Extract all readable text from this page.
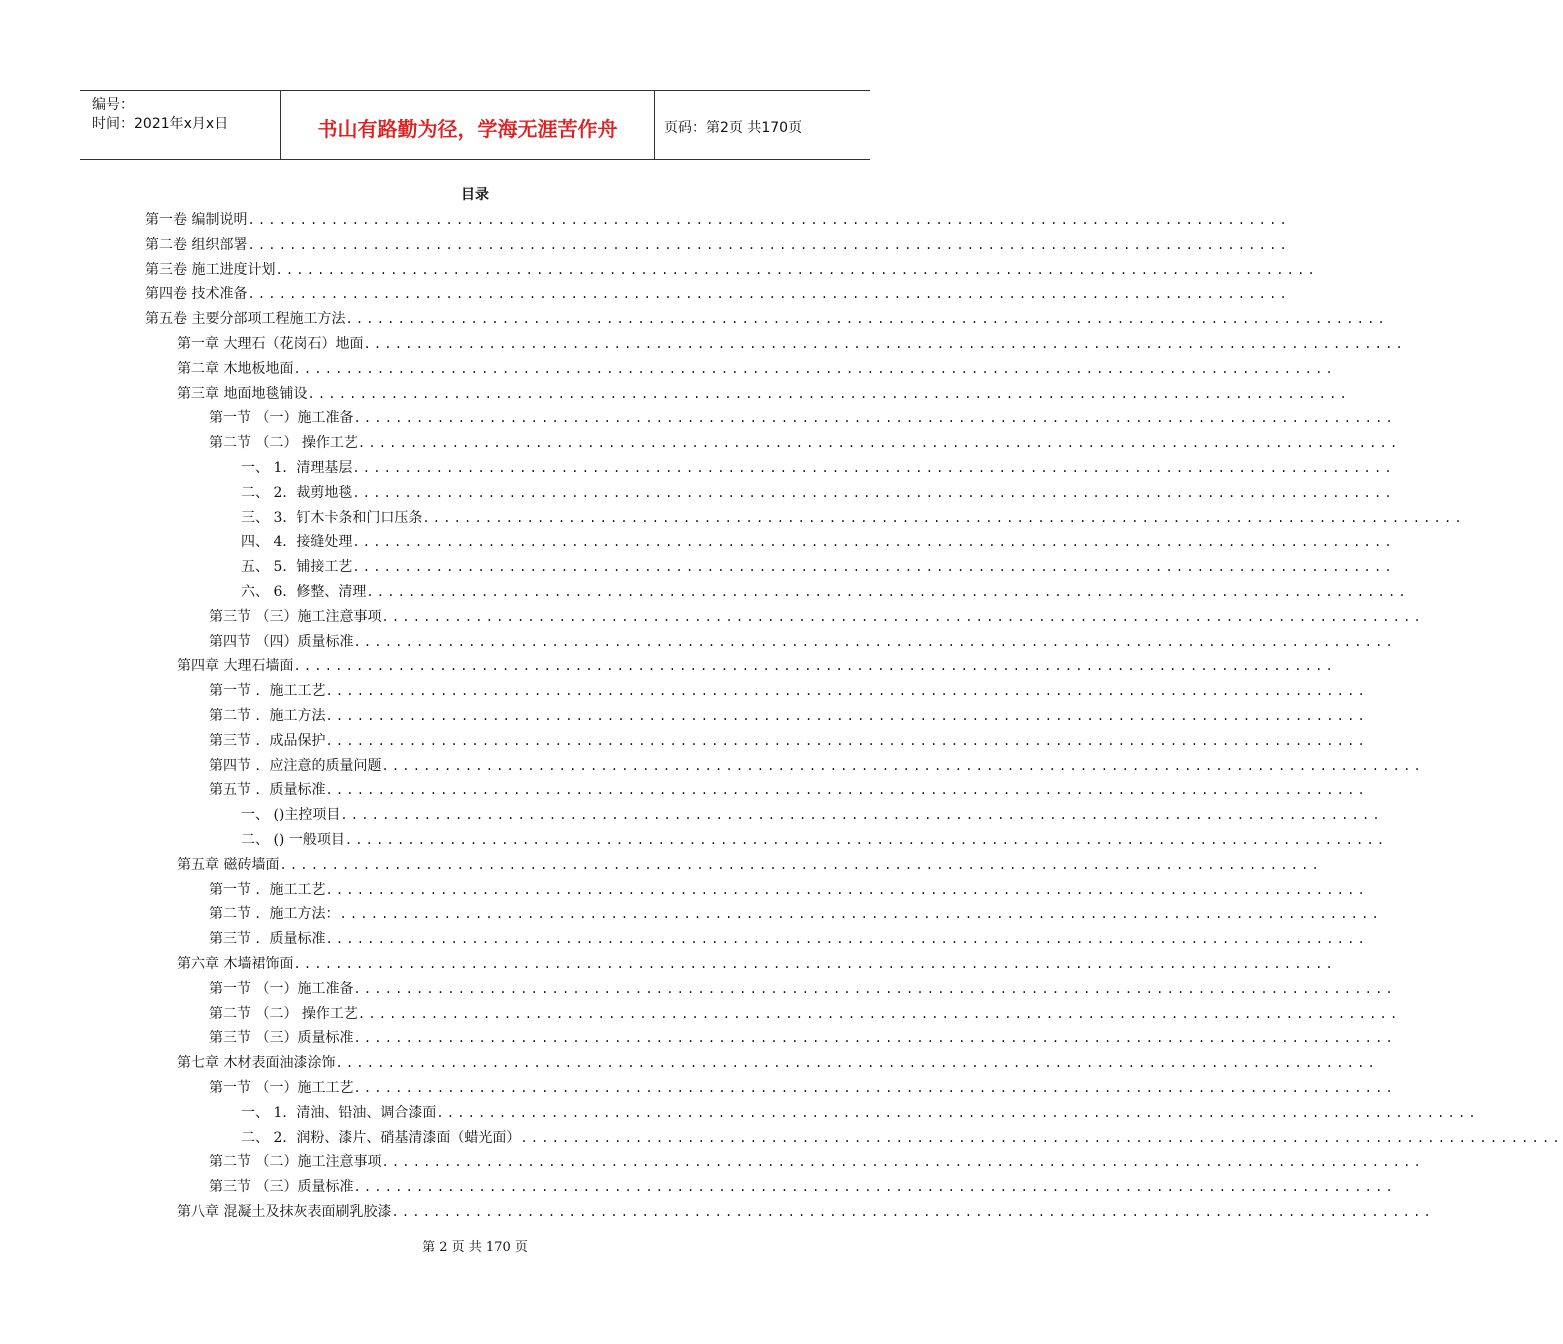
编号：
时间：2021年x月x日	书山有路勤为径，学海无涯苦作舟	页码：第2页 共170页
目录
第一卷 编制说明 ....................................................................................................
第二卷 组织部署 ....................................................................................................
第三卷 施工进度计划 ....................................................................................................
第四卷 技术准备 ....................................................................................................
第五卷 主要分部项工程施工方法 ....................................................................................................
第一章 大理石（花岗石）地面 ....................................................................................................
第二章 木地板地面 ....................................................................................................
第三章 地面地毯铺设 ....................................................................................................
第一节 （一）施工准备 ....................................................................................................
第二节 （二） 操作工艺 ....................................................................................................
一、 1．清理基层 ....................................................................................................
二、 2．裁剪地毯 ....................................................................................................
三、 3．钉木卡条和门口压条 ....................................................................................................
四、 4．接缝处理 ....................................................................................................
五、 5．铺接工艺 ....................................................................................................
六、 6．修整、清理 ....................................................................................................
第三节 （三）施工注意事项 ....................................................................................................
第四节 （四）质量标准 ....................................................................................................
第四章 大理石墙面 ....................................................................................................
第一节 ．施工工艺 ....................................................................................................
第二节 ．施工方法 ....................................................................................................
第三节 ．成品保护 ....................................................................................................
第四节 ．应注意的质量问题 ....................................................................................................
第五节 ．质量标准 ....................................................................................................
一、 ()主控项目 ....................................................................................................
二、 () 一般项目 ....................................................................................................
第五章 磁砖墙面 ....................................................................................................
第一节 ．施工工艺 ....................................................................................................
第二节 ．施工方法： ....................................................................................................
第三节 ．质量标准 ....................................................................................................
第六章 木墙裙饰面 ....................................................................................................
第一节 （一）施工准备 ....................................................................................................
第二节 （二） 操作工艺 ....................................................................................................
第三节 （三）质量标准 ....................................................................................................
第七章 木材表面油漆涂饰 ....................................................................................................
第一节 （一）施工工艺 ....................................................................................................
一、 1．清油、铅油、调合漆面 ....................................................................................................
二、 2．润粉、漆片、硝基清漆面（蜡光面） ....................................................................................................
第二节 （二）施工注意事项 ....................................................................................................
第三节 （三）质量标准 ....................................................................................................
第八章 混凝土及抹灰表面刷乳胶漆 ....................................................................................................
第 2 页 共 170 页
